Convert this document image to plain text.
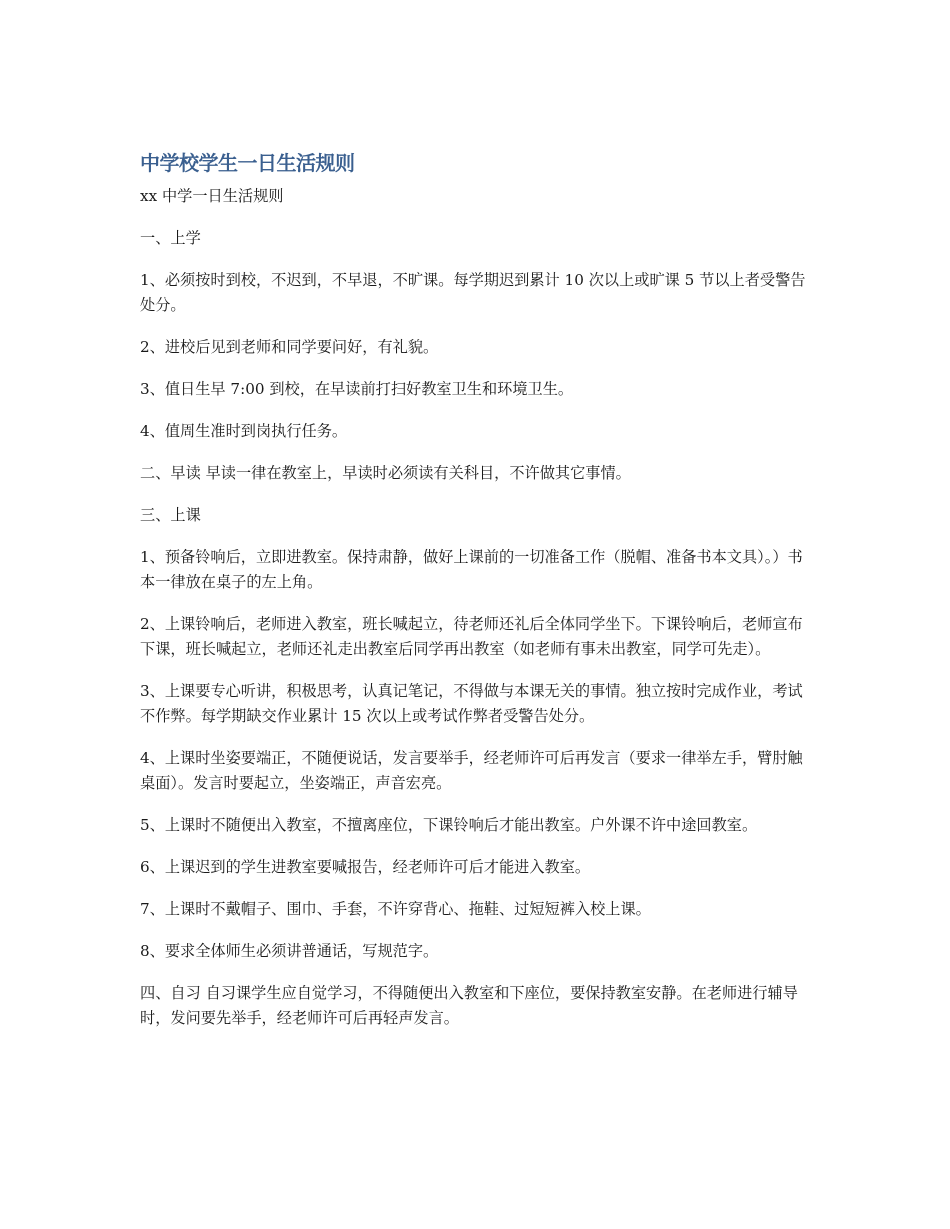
中学校学生一日生活规则

xx 中学一日生活规则

一、上学

1、必须按时到校，不迟到，不早退，不旷课。每学期迟到累计 10 次以上或旷课 5 节以上者受警告处分。

2、进校后见到老师和同学要问好，有礼貌。

3、值日生早 7:00 到校，在早读前打扫好教室卫生和环境卫生。

4、值周生准时到岗执行任务。

二、早读 早读一律在教室上，早读时必须读有关科目，不许做其它事情。

三、上课

1、预备铃响后，立即进教室。保持肃静，做好上课前的一切准备工作（脱帽、准备书本文具）。）书本一律放在桌子的左上角。

2、上课铃响后，老师进入教室，班长喊起立，待老师还礼后全体同学坐下。下课铃响后，老师宣布下课，班长喊起立，老师还礼走出教室后同学再出教室（如老师有事未出教室，同学可先走）。

3、上课要专心听讲，积极思考，认真记笔记，不得做与本课无关的事情。独立按时完成作业，考试不作弊。每学期缺交作业累计 15 次以上或考试作弊者受警告处分。

4、上课时坐姿要端正，不随便说话，发言要举手，经老师许可后再发言（要求一律举左手，臂肘触桌面）。发言时要起立，坐姿端正，声音宏亮。

5、上课时不随便出入教室，不擅离座位，下课铃响后才能出教室。户外课不许中途回教室。

6、上课迟到的学生进教室要喊报告，经老师许可后才能进入教室。

7、上课时不戴帽子、围巾、手套，不许穿背心、拖鞋、过短短裤入校上课。

8、要求全体师生必须讲普通话，写规范字。

四、自习 自习课学生应自觉学习，不得随便出入教室和下座位，要保持教室安静。在老师进行辅导时，发问要先举手，经老师许可后再轻声发言。
